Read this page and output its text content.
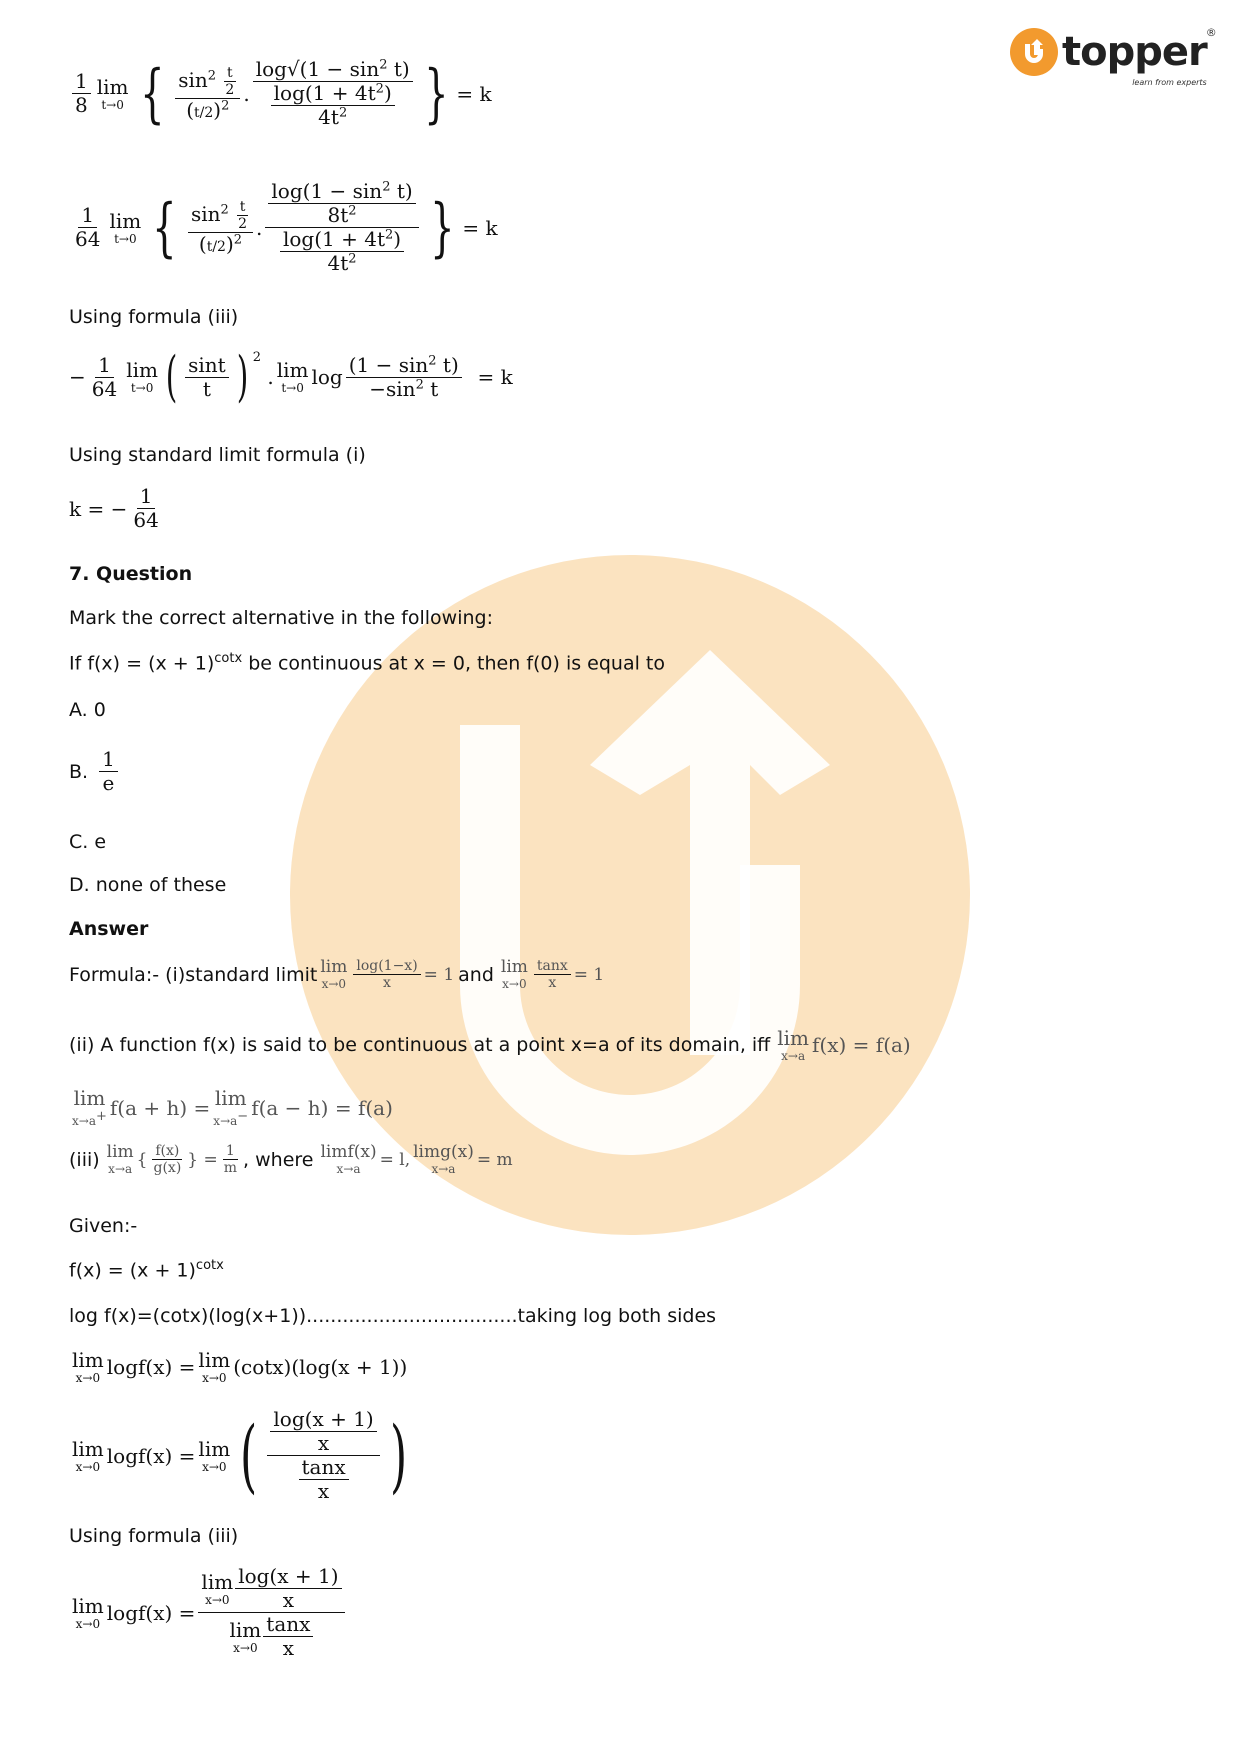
topper ®
learn from experts
$\frac{1}{8}$ lim
t→0 { $\frac{\sin^2 \frac{t}{2}}{(t/2)^2}$ . $\frac{\log√(1 - \sin^2 t)}{\frac{\log(1 + 4t^2)}{4t^2}}$ } = k
$\frac{1}{64}$ lim
t→0 { $\frac{\sin^2 \frac{t}{2}}{(t/2)^2}$ . $\frac{\frac{\log(1 - \sin^2 t)}{8t^2}}{\frac{\log(1 + 4t^2)}{4t^2}}$ } = k
Using formula (iii)
− $\frac{1}{64}$ lim
t→0 ( $\frac{\sin t}{t}$ ) $^2$
. lim
t→0 $\log \frac{(1 - \sin^2 t)}{-\sin^2 t} = k$
Using standard limit formula (i)
k = − $\frac{1}{64}$
7. Question
Mark the correct alternative in the following:
If $f(x) = (x + 1)^{cotx}$ be continuous at x = 0, then f(0) is equal to
A. 0
B. $\frac{1}{e}$
C. e
D. none of these
Answer
Formula:- (i)standard limit lim
$x\to 0 \frac{\log(1-x)}{x} = 1$ and lim
$x\to 0 \frac{\tan x}{x} = 1$
(ii) A function f(x) is said to be continuous at a point x=a of its domain, iff lim
x→a f(x) = f(a)
lim
x→a+ f(a + h) = lim
x→a− f(a − h) = f(a)
(iii) lim
x→a { $\frac{f(x)}{g(x)}$ } = $\frac{1}{m}$ , where limf(x)
x→a = l, limg(x)
x→a = m
Given:-
$f(x) = (x + 1)^{cotx}$
log f(x)=(cotx)(log(x+1))...................................taking log both sides
lim
x→0 logf(x) = lim
x→0 (cotx)(log(x + 1))
lim
x→0 logf(x) = lim
x→0 ( $\frac{\frac{\log(x + 1)}{x}}{\frac{\tan x}{x}}$ )
Using formula (iii)
lim
x→0 logf(x) = lim
$x\to 0 \frac{\log(x + 1)}{x}$
lim
$x\to 0 \frac{\tan x}{x}$
